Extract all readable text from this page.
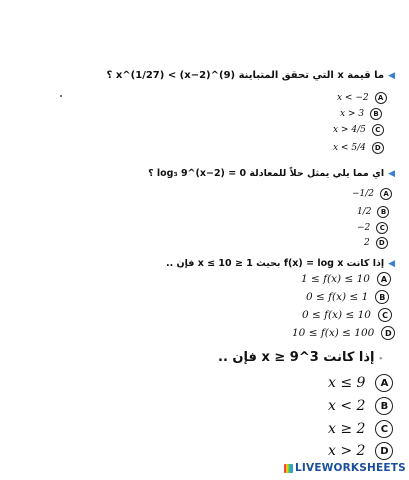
◀ما قيمة x التي تحقق المتباينة (9)^(x−2) > (1/27)^x ؟
x < −2	A
x > 3	B
x > 4/5	C
x < 5/4	D
◀اي مما يلي يمثل حلاً للمعادلة log₃ 9^(x−2) = 0 ؟
−1/2	A
1/2	B
−2	C
2	D
◀إذا كانت f(x) = log x بحيث 1 ≤ x ≤ 10 فإن ..
1 ≤ f(x) ≤ 10	A
0 ≤ f(x) ≤ 1	B
0 ≤ f(x) ≤ 10	C
10 ≤ f(x) ≤ 100	D
•إذا كانت 3^x ≥ 9 فإن ..
x ≤ 9	A
x < 2	B
x ≥ 2	C
x > 2	D
LIVEWORKSHEETS
